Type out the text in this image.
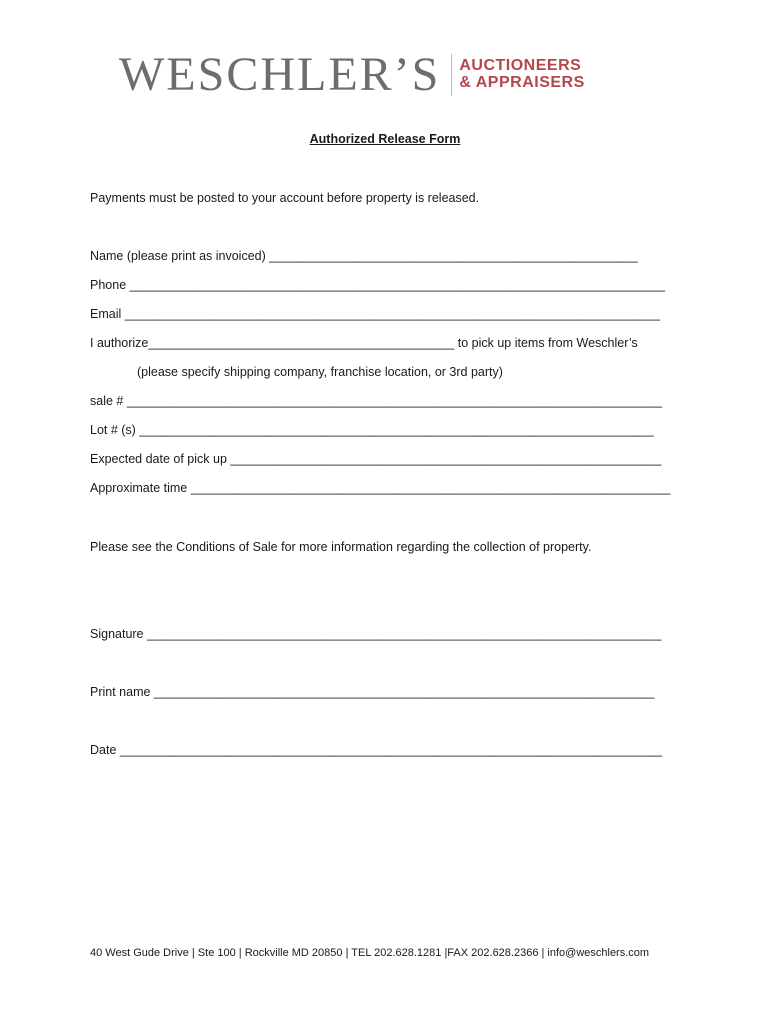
WESCHLER’S AUCTIONEERS
& APPRAISERS
Authorized Release Form
Payments must be posted to your account before property is released.
Name (please print as invoiced) _____________________________________________________
Phone _____________________________________________________________________________
Email _____________________________________________________________________________
I authorize____________________________________________ to pick up items from Weschler’s
(please specify shipping company, franchise location, or 3rd party)
sale # _____________________________________________________________________________
Lot # (s) __________________________________________________________________________
Expected date of pick up ______________________________________________________________
Approximate time _____________________________________________________________________
Please see the Conditions of Sale for more information regarding the collection of property.
Signature __________________________________________________________________________
Print name ________________________________________________________________________
Date ______________________________________________________________________________
40 West Gude Drive | Ste 100 | Rockville MD 20850 | TEL 202.628.1281 |FAX 202.628.2366 | info@weschlers.com
